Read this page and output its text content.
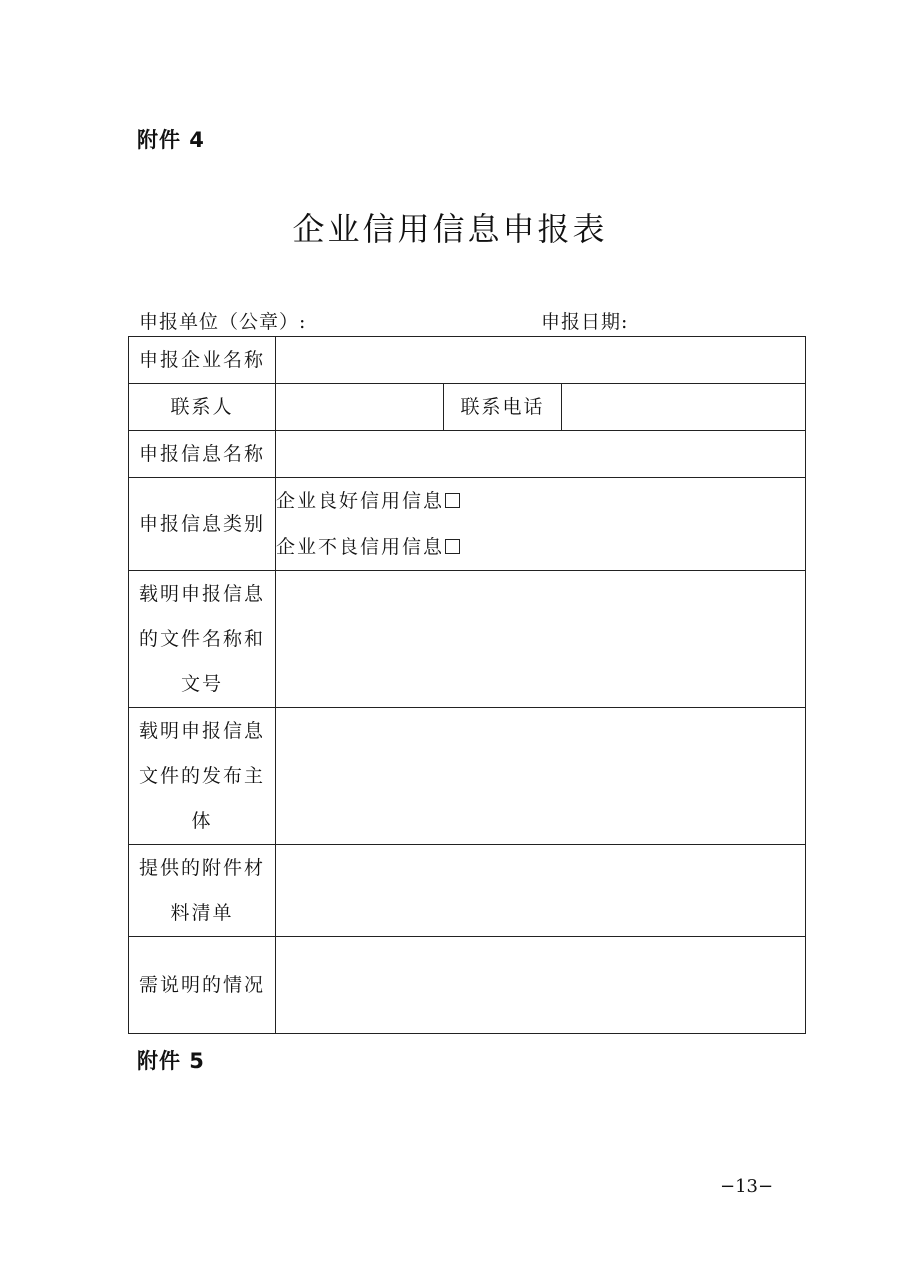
附件 4
企业信用信息申报表
申报单位（公章）:	申报日期:
申报企业名称			
联系人		联系电话	
申报信息名称			
申报信息类别	企业良好信用信息
企业不良信用信息		

载明申报信息
的文件名称和
文号			

载明申报信息
文件的发布主
体			

提供的附件材
料清单			

需说明的情况			
附件 5
−13−
